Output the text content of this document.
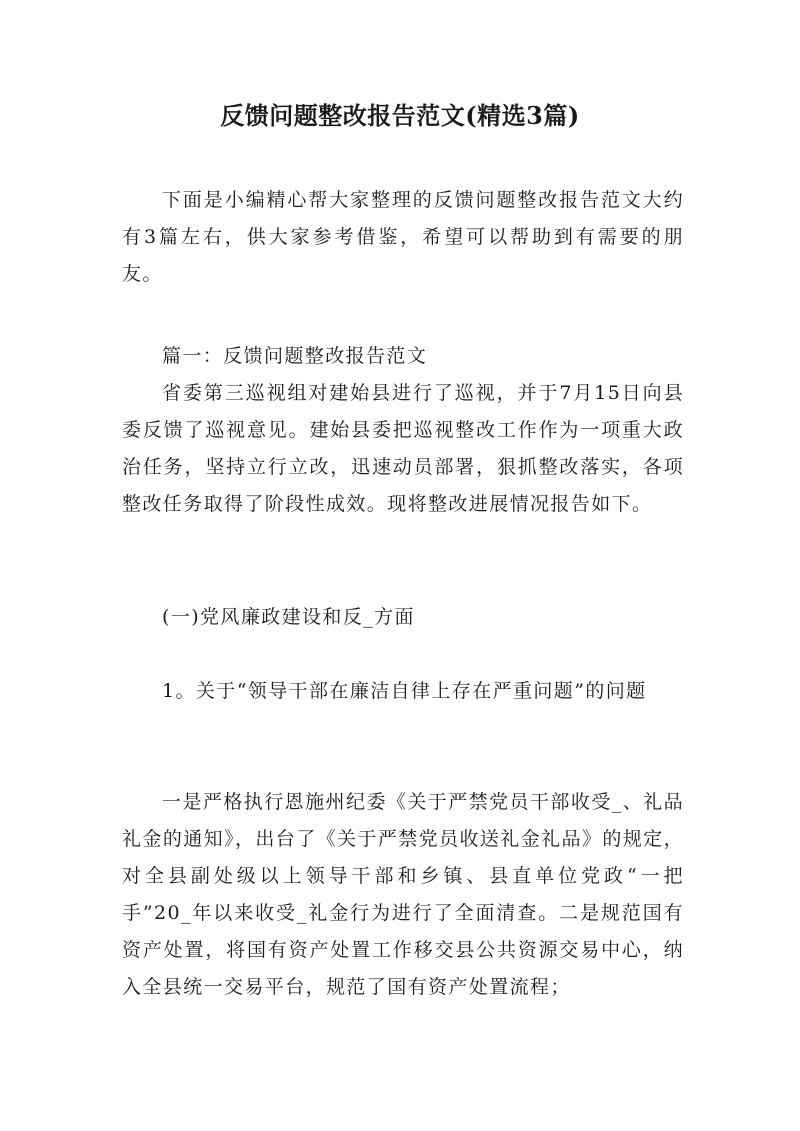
反馈问题整改报告范文(精选3篇)

下面是小编精心帮大家整理的反馈问题整改报告范文大约有3篇左右，供大家参考借鉴，希望可以帮助到有需要的朋友。

篇一：反馈问题整改报告范文

省委第三巡视组对建始县进行了巡视，并于7月15日向县委反馈了巡视意见。建始县委把巡视整改工作作为一项重大政治任务，坚持立行立改，迅速动员部署，狠抓整改落实，各项整改任务取得了阶段性成效。现将整改进展情况报告如下。

(一)党风廉政建设和反_方面

1。关于“领导干部在廉洁自律上存在严重问题”的问题

一是严格执行恩施州纪委《关于严禁党员干部收受_、礼品礼金的通知》，出台了《关于严禁党员收送礼金礼品》的规定，对全县副处级以上领导干部和乡镇、县直单位党政“一把手”20_年以来收受_礼金行为进行了全面清查。二是规范国有资产处置，将国有资产处置工作移交县公共资源交易中心，纳入全县统一交易平台，规范了国有资产处置流程；
